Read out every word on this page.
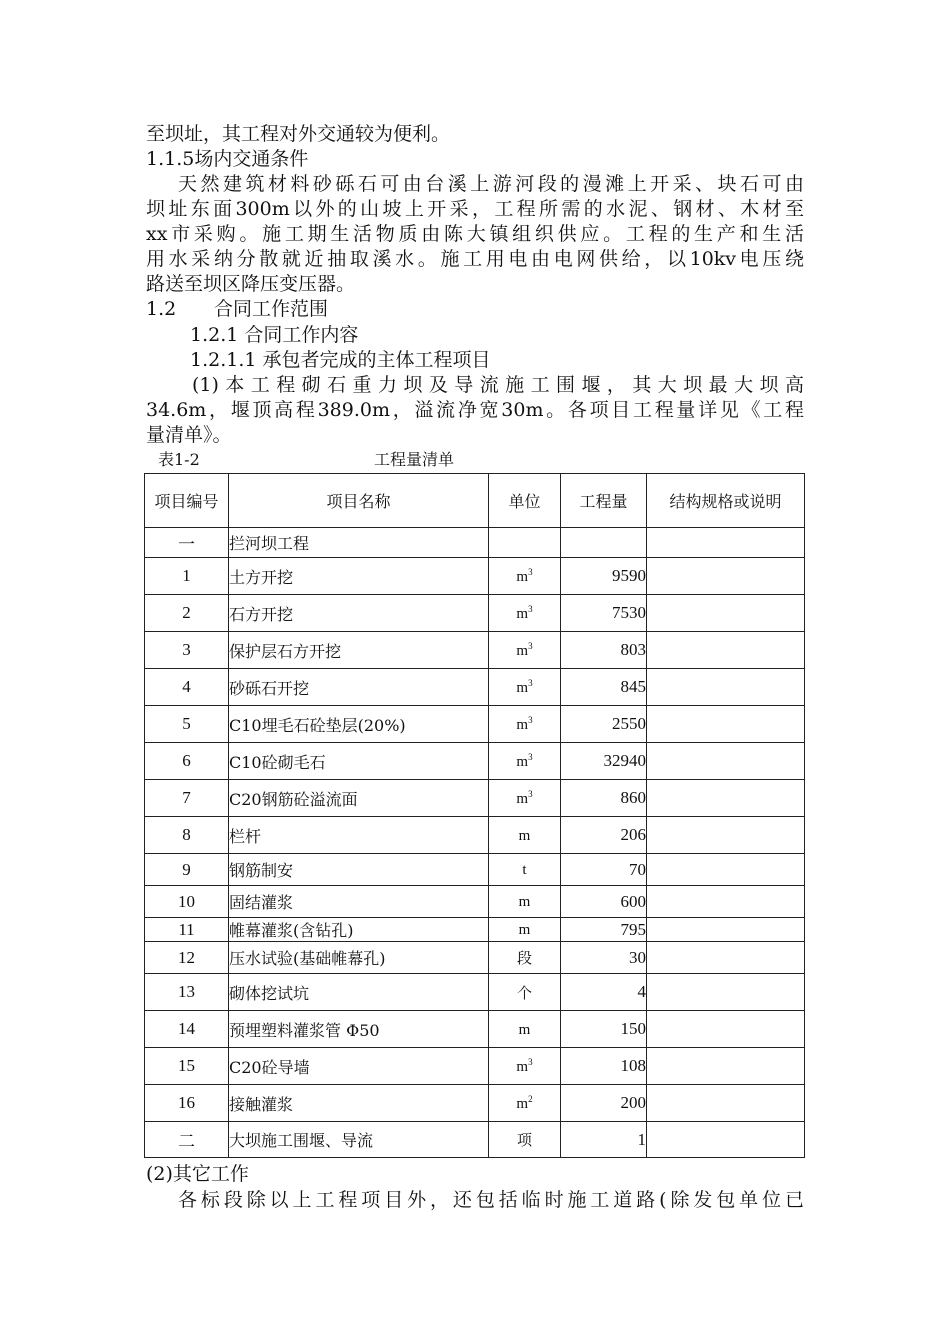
至坝址，其工程对外交通较为便利。
1.1.5场内交通条件
天然建筑材料砂砾石可由台溪上游河段的漫滩上开采、块石可由
坝址东面300m以外的山坡上开采，工程所需的水泥、钢材、木材至
xx市采购。施工期生活物质由陈大镇组织供应。工程的生产和生活
用水采纳分散就近抽取溪水。施工用电由电网供给，以10kv电压绕
路送至坝区降压变压器。
1.2 合同工作范围
1.2.1 合同工作内容
1.2.1.1 承包者完成的主体工程项目
(1)本工程砌石重力坝及导流施工围堰，其大坝最大坝高
34.6m，堰顶高程389.0m，溢流净宽30m。各项目工程量详见《工程
量清单》。
表1-2	工程量清单
项目编号	项目名称	单位	工程量	结构规格或说明
一	拦河坝工程			
1	土方开挖	$m^3$	9590	
2	石方开挖	$m^3$	7530	
3	保护层石方开挖	$m^3$	803	
4	砂砾石开挖	$m^3$	845	
5	C10埋毛石砼垫层(20%)	$m^3$	2550	
6	C10砼砌毛石	$m^3$	32940	
7	C20钢筋砼溢流面	$m^3$	860	
8	栏杆	m	206	
9	钢筋制安	t	70	
10	固结灌浆	m	600	
11	帷幕灌浆(含钻孔)	m	795	
12	压水试验(基础帷幕孔)	段	30	
13	砌体挖试坑	个	4	
14	预埋塑料灌浆管 Φ50	m	150	
15	C20砼导墙	$m^3$	108	
16	接触灌浆	$m^2$	200	
二	大坝施工围堰、导流	项	1	
(2)其它工作
各标段除以上工程项目外，还包括临时施工道路(除发包单位已
